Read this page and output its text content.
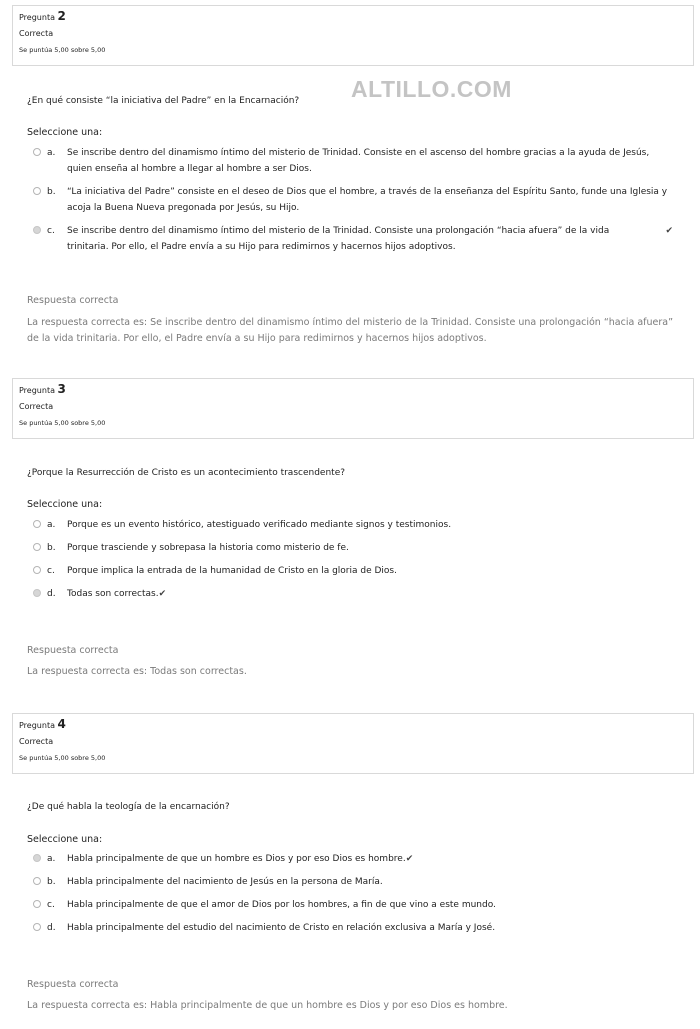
Pregunta 2
Correcta
Se puntúa 5,00 sobre 5,00
ALTILLO.COM
¿En qué consiste “la iniciativa del Padre” en la Encarnación?
Seleccione una:
a. Se inscribe dentro del dinamismo íntimo del misterio de Trinidad. Consiste en el ascenso del hombre gracias a la ayuda de Jesús, quien enseña al hombre a llegar al hombre a ser Dios.
b. “La iniciativa del Padre” consiste en el deseo de Dios que el hombre, a través de la enseñanza del Espíritu Santo, funde una Iglesia y acoja la Buena Nueva pregonada por Jesús, su Hijo.
c. Se inscribe dentro del dinamismo íntimo del misterio de la Trinidad. Consiste una prolongación “hacia afuera” de la vida trinitaria. Por ello, el Padre envía a su Hijo para redimirnos y hacernos hijos adoptivos.
✔
Respuesta correcta
La respuesta correcta es: Se inscribe dentro del dinamismo íntimo del misterio de la Trinidad. Consiste una prolongación “hacia afuera” de la vida trinitaria. Por ello, el Padre envía a su Hijo para redimirnos y hacernos hijos adoptivos.
Pregunta 3
Correcta
Se puntúa 5,00 sobre 5,00
¿Porque la Resurrección de Cristo es un acontecimiento trascendente?
Seleccione una:
a. Porque es un evento histórico, atestiguado verificado mediante signos y testimonios.
b. Porque trasciende y sobrepasa la historia como misterio de fe.
c. Porque implica la entrada de la humanidad de Cristo en la gloria de Dios.
d. Todas son correctas.✔
Respuesta correcta
La respuesta correcta es: Todas son correctas.
Pregunta 4
Correcta
Se puntúa 5,00 sobre 5,00
¿De qué habla la teología de la encarnación?
Seleccione una:
a. Habla principalmente de que un hombre es Dios y por eso Dios es hombre.✔
b. Habla principalmente del nacimiento de Jesús en la persona de María.
c. Habla principalmente de que el amor de Dios por los hombres, a fin de que vino a este mundo.
d. Habla principalmente del estudio del nacimiento de Cristo en relación exclusiva a María y José.
Respuesta correcta
La respuesta correcta es: Habla principalmente de que un hombre es Dios y por eso Dios es hombre.
